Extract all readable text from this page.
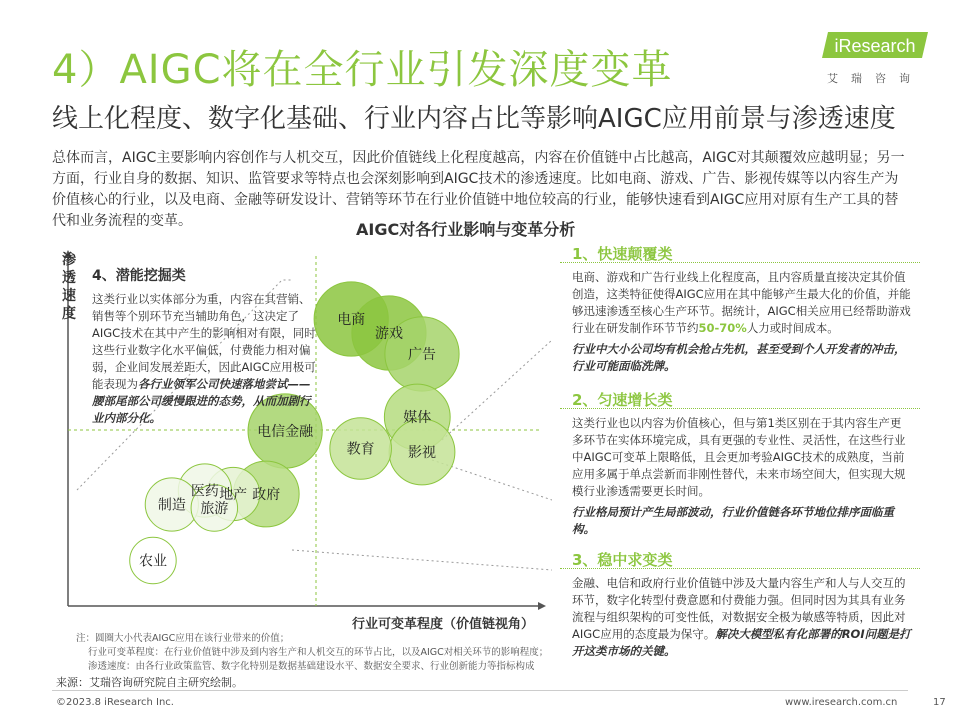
4）AIGC将在全行业引发深度变革
线上化程度、数字化基础、行业内容占比等影响AIGC应用前景与渗透速度
iResearch
艾瑞咨询
总体而言，AIGC主要影响内容创作与人机交互，因此价值链线上化程度越高，内容在价值链中占比越高，AIGC对其颠覆效应越明显；另一方面，行业自身的数据、知识、监管要求等特点也会深刻影响到AIGC技术的渗透速度。比如电商、游戏、广告、影视传媒等以内容生产为价值核心的行业，以及电商、金融等研发设计、营销等环节在行业价值链中地位较高的行业，能够快速看到AIGC应用对原有生产工具的替代和业务流程的变革。	AIGC对各行业影响与变革分析
电商
游戏
广告
媒体
影视
教育
电信金融
政府
地产
医药
制造 旅游
农业
渗
透
速
度
行业可变革程度（价值链视角）
4、潜能挖掘类
这类行业以实体部分为重，内容在其营销、销售等个别环节充当辅助角色，这决定了AIGC技术在其中产生的影响相对有限，同时这些行业数字化水平偏低，付费能力相对偏弱，企业间发展差距大，因此AIGC应用极可能表现为各行业领军公司快速落地尝试——腰部尾部公司缓慢跟进的态势，从而加剧行业内部分化。
1、快速颠覆类
电商、游戏和广告行业线上化程度高，且内容质量直接决定其价值创造，这类特征使得AIGC应用在其中能够产生最大化的价值，并能够迅速渗透至核心生产环节。据统计，AIGC相关应用已经帮助游戏行业在研发制作环节节约50-70%人力或时间成本。
行业中大小公司均有机会抢占先机，甚至受到个人开发者的冲击，行业可能面临洗牌。
2、匀速增长类
这类行业也以内容为价值核心，但与第1类区别在于其内容生产更多环节在实体环境完成，具有更强的专业性、灵活性，在这些行业中AIGC可变革上限略低，且会更加考验AIGC技术的成熟度，当前应用多属于单点尝新而非刚性替代，未来市场空间大，但实现大规模行业渗透需要更长时间。
行业格局预计产生局部波动，行业价值链各环节地位排序面临重构。
3、稳中求变类
金融、电信和政府行业价值链中涉及大量内容生产和人与人交互的环节，数字化转型付费意愿和付费能力强。但同时因为其具有业务流程与组织架构的可变性低，对数据安全极为敏感等特质，因此对AIGC应用的态度最为保守。解决大模型私有化部署的ROI问题是打开这类市场的关键。
注：圆圈大小代表AIGC应用在该行业带来的价值；
行业可变革程度：在行业价值链中涉及到内容生产和人机交互的环节占比，以及AIGC对相关环节的影响程度；
渗透速度：由各行业政策监管、数字化特别是数据基础建设水平、数据安全要求、行业创新能力等指标构成
来源：艾瑞咨询研究院自主研究绘制。
©2023.8 iResearch Inc.	www.iresearch.com.cn	17
